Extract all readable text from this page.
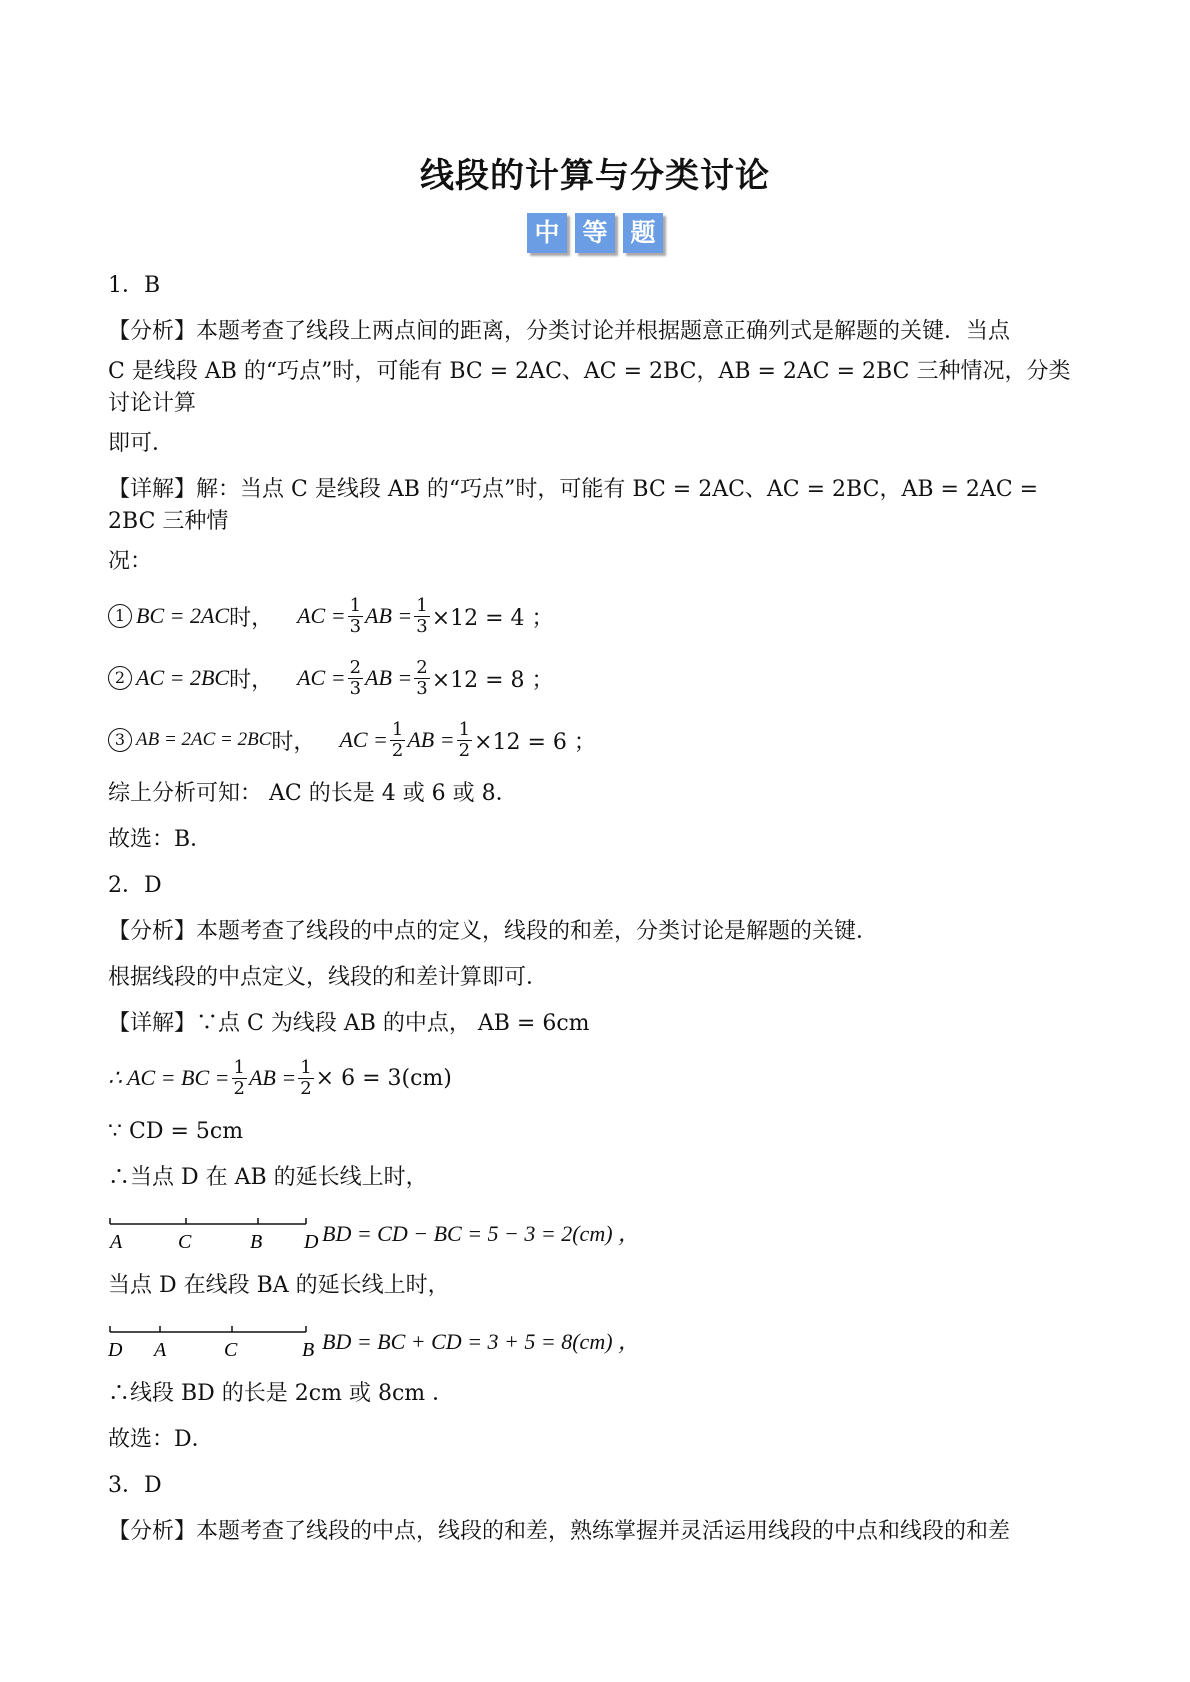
线段的计算与分类讨论
中 等 题
1．B
【分析】本题考查了线段上两点间的距离，分类讨论并根据题意正确列式是解题的关键．当点
C 是线段 AB 的“巧点”时，可能有 BC = 2AC、AC = 2BC，AB = 2AC = 2BC 三种情况，分类讨论计算
即可．
【详解】解：当点 C 是线段 AB 的“巧点”时，可能有 BC = 2AC、AC = 2BC，AB = 2AC = 2BC 三种情
况：
1 BC = 2AC 时， AC = $\frac{1}{3}$ AB = $\frac{1}{3} \times 12 = 4$ ；
2 AC = 2BC 时， AC = $\frac{2}{3}$ AB = $\frac{2}{3} \times 12 = 8$ ；
3 AB = 2AC = 2BC 时， AC = $\frac{1}{2}$ AB = $\frac{1}{2} \times 12 = 6$ ；
综上分析可知： AC 的长是 4 或 6 或 8．
故选：B．
2．D
【分析】本题考查了线段的中点的定义，线段的和差，分类讨论是解题的关键．
根据线段的中点定义，线段的和差计算即可．
【详解】∵点 C 为线段 AB 的中点， AB = 6cm
∴ AC = BC = $\frac{1}{2}$ AB = $\frac{1}{2} \times 6 = 3(cm)$
∵ CD = 5cm
∴当点 D 在 AB 的延长线上时，
A	C	B D BD = CD − BC = 5 − 3 = 2(cm) ，
当点 D 在线段 BA 的延长线上时，
D A	C	B BD = BC + CD = 3 + 5 = 8(cm) ，
∴线段 BD 的长是 2cm 或 8cm ．
故选：D．
3．D
【分析】本题考查了线段的中点，线段的和差，熟练掌握并灵活运用线段的中点和线段的和差
